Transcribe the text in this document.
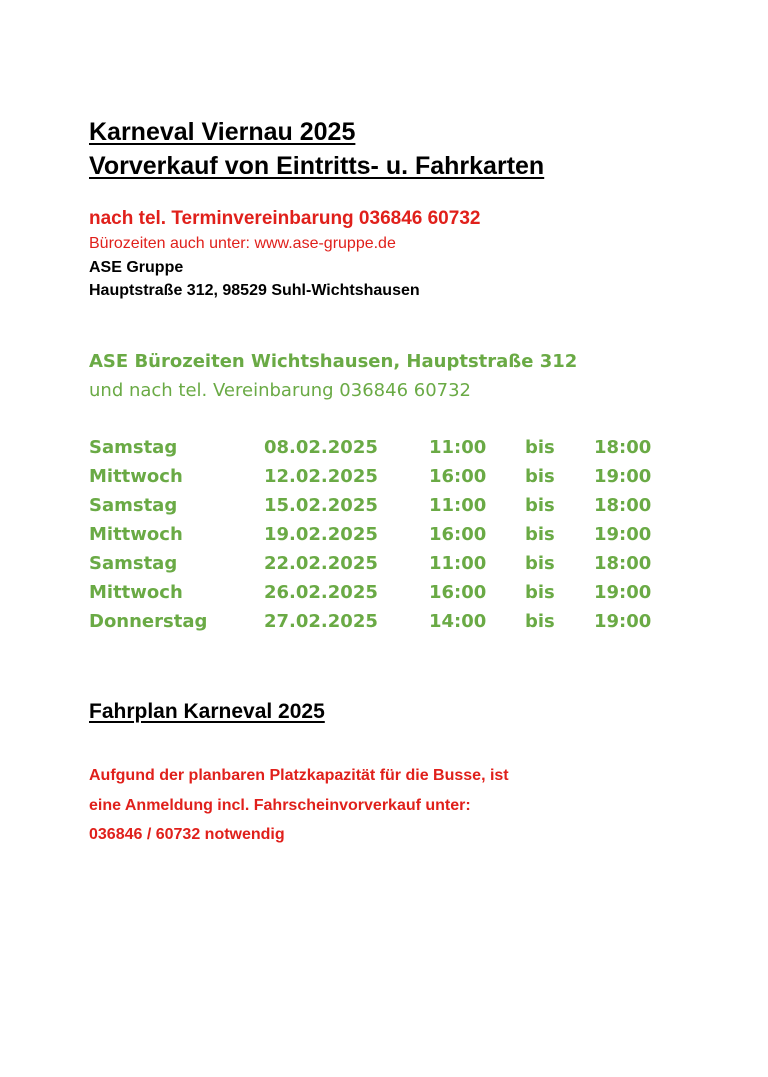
Karneval Viernau 2025
Vorverkauf von Eintritts- u. Fahrkarten
nach tel. Terminvereinbarung 036846 60732
Bürozeiten auch unter: www.ase-gruppe.de
ASE Gruppe
Hauptstraße 312, 98529 Suhl-Wichtshausen
ASE Bürozeiten Wichtshausen, Hauptstraße 312
und nach tel. Vereinbarung 036846 60732
Samstag	08.02.2025	11:00 bis 18:00
Mittwoch	12.02.2025	16:00 bis 19:00
Samstag	15.02.2025	11:00 bis 18:00
Mittwoch	19.02.2025	16:00 bis 19:00
Samstag	22.02.2025	11:00 bis 18:00
Mittwoch	26.02.2025	16:00 bis 19:00
Donnerstag	27.02.2025	14:00 bis 19:00
Fahrplan Karneval 2025
Aufgund der planbaren Platzkapazität für die Busse, ist
eine Anmeldung incl. Fahrscheinvorverkauf unter:
036846 / 60732 notwendig
